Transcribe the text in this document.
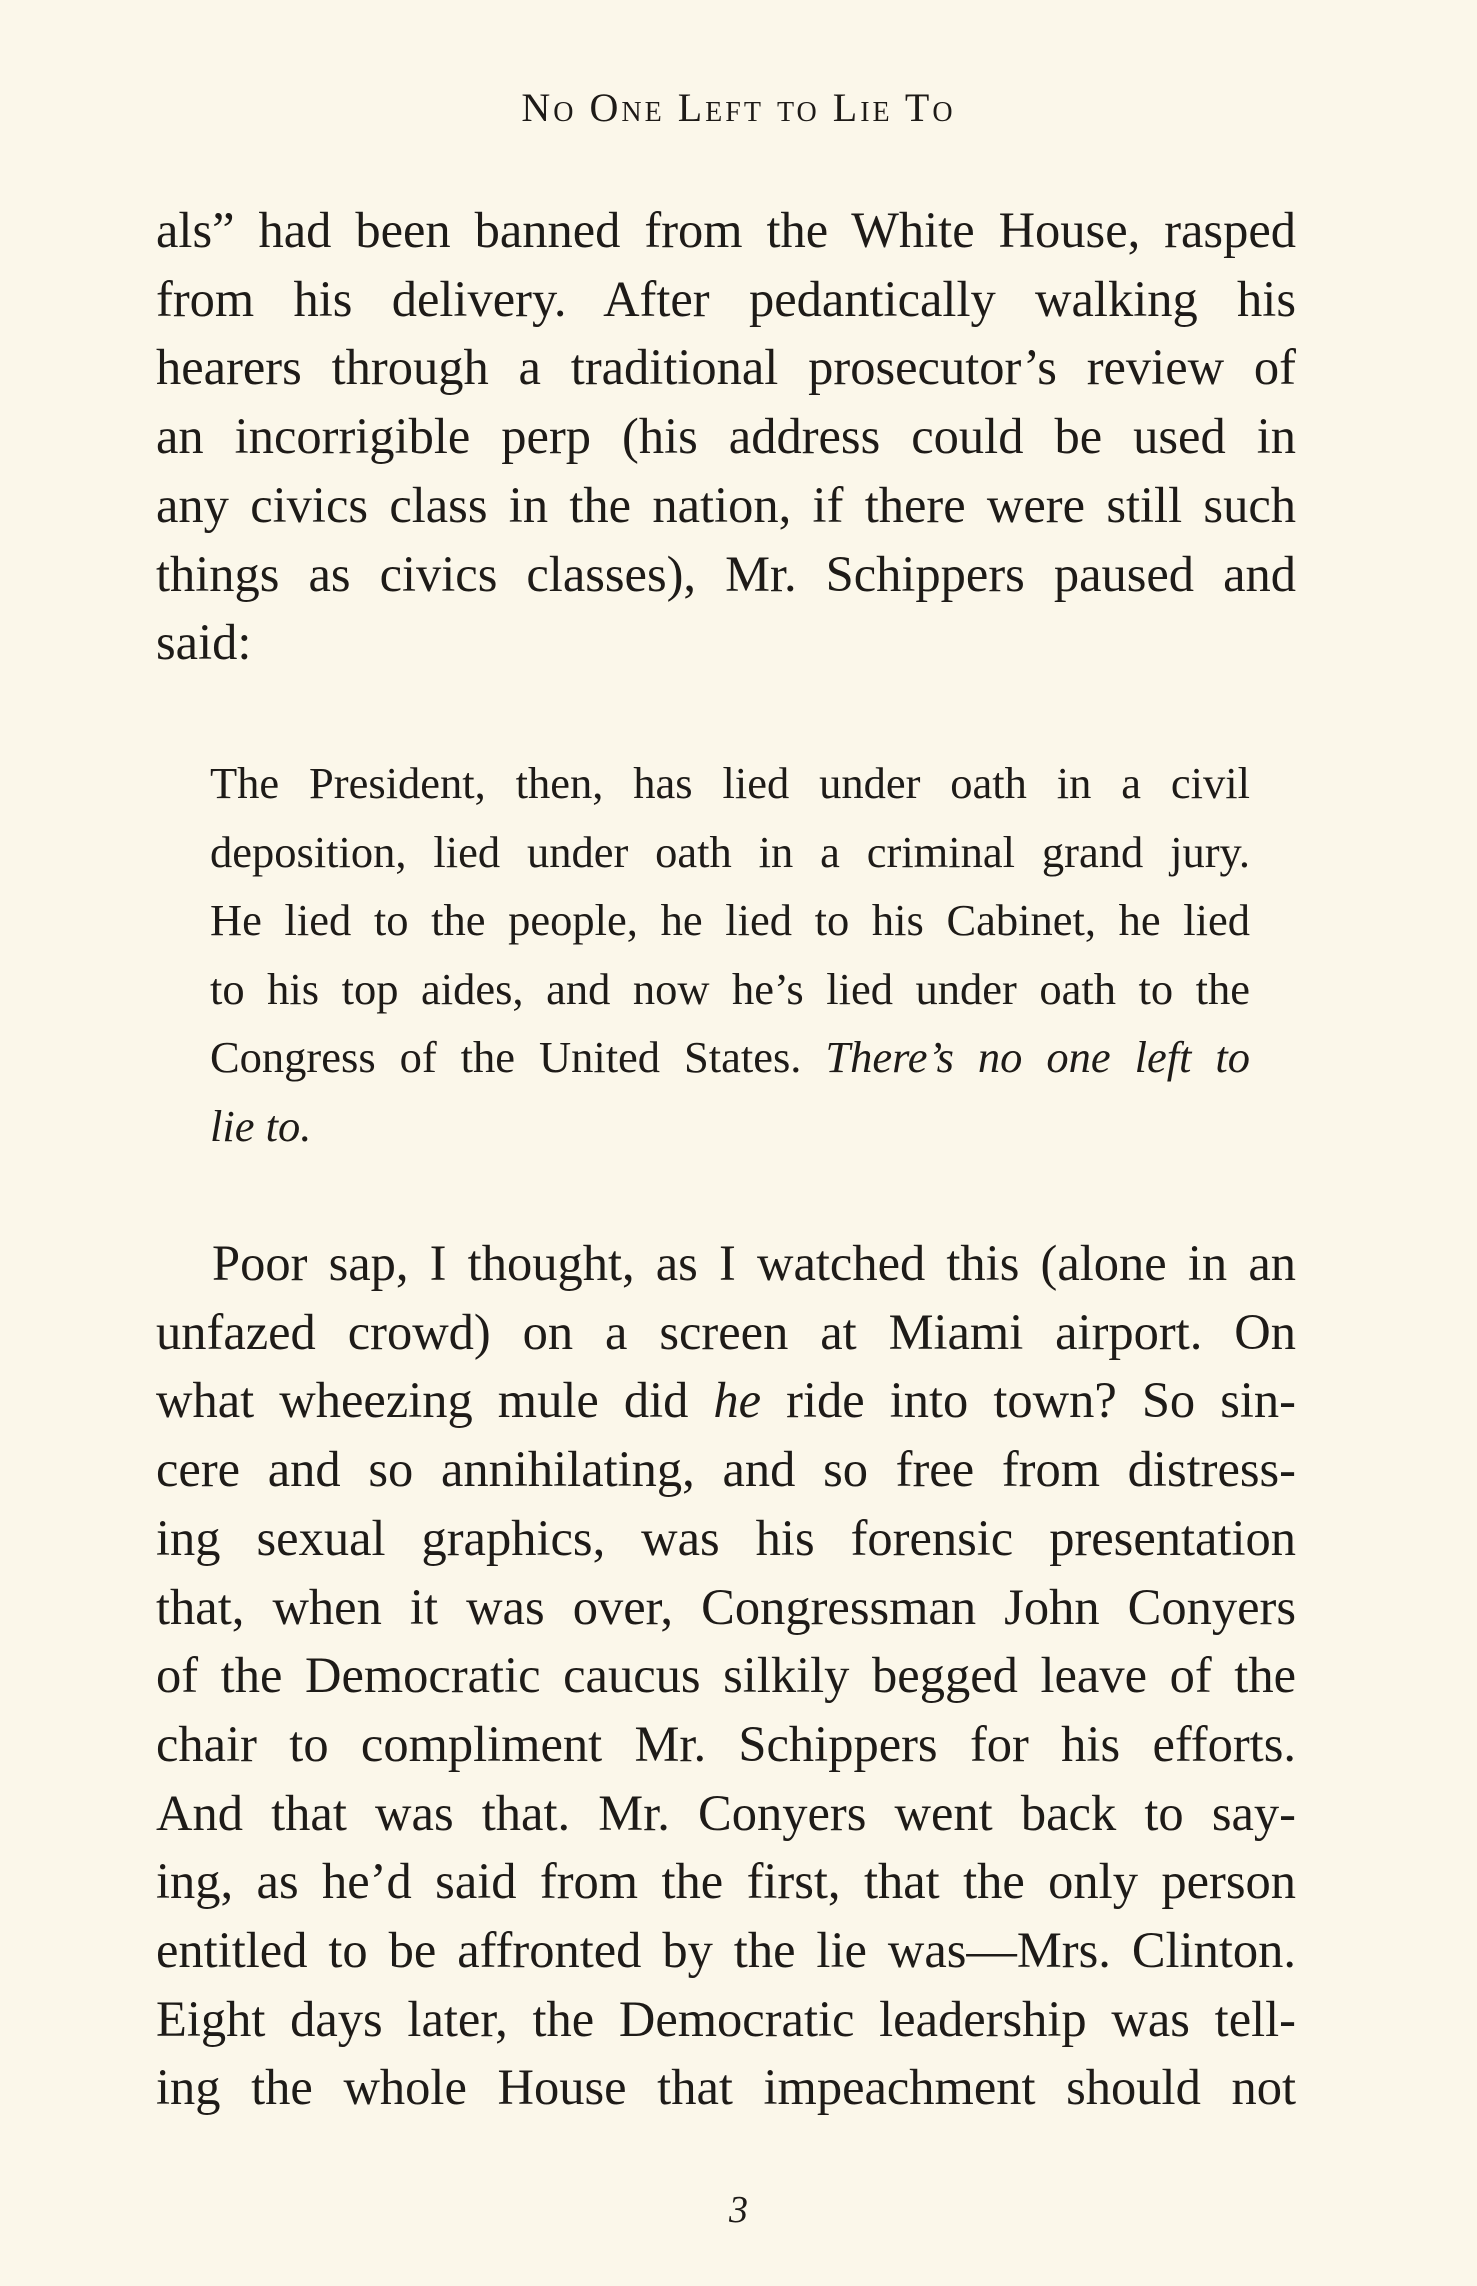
No One Left to Lie To
als” had been banned from the White House, rasped
from his delivery. After pedantically walking his
hearers through a traditional prosecutor’s review of
an incorrigible perp (his address could be used in
any civics class in the nation, if there were still such
things as civics classes), Mr. Schippers paused and
said:
The President, then, has lied under oath in a civil
deposition, lied under oath in a criminal grand jury.
He lied to the people, he lied to his Cabinet, he lied
to his top aides, and now he’s lied under oath to the
Congress of the United States. There’s no one left to
lie to.
Poor sap, I thought, as I watched this (alone in an
unfazed crowd) on a screen at Miami airport. On
what wheezing mule did he ride into town? So sin-
cere and so annihilating, and so free from distress-
ing sexual graphics, was his forensic presentation
that, when it was over, Congressman John Conyers
of the Democratic caucus silkily begged leave of the
chair to compliment Mr. Schippers for his efforts.
And that was that. Mr. Conyers went back to say-
ing, as he’d said from the first, that the only person
entitled to be affronted by the lie was—Mrs. Clinton.
Eight days later, the Democratic leadership was tell-
ing the whole House that impeachment should not
3
